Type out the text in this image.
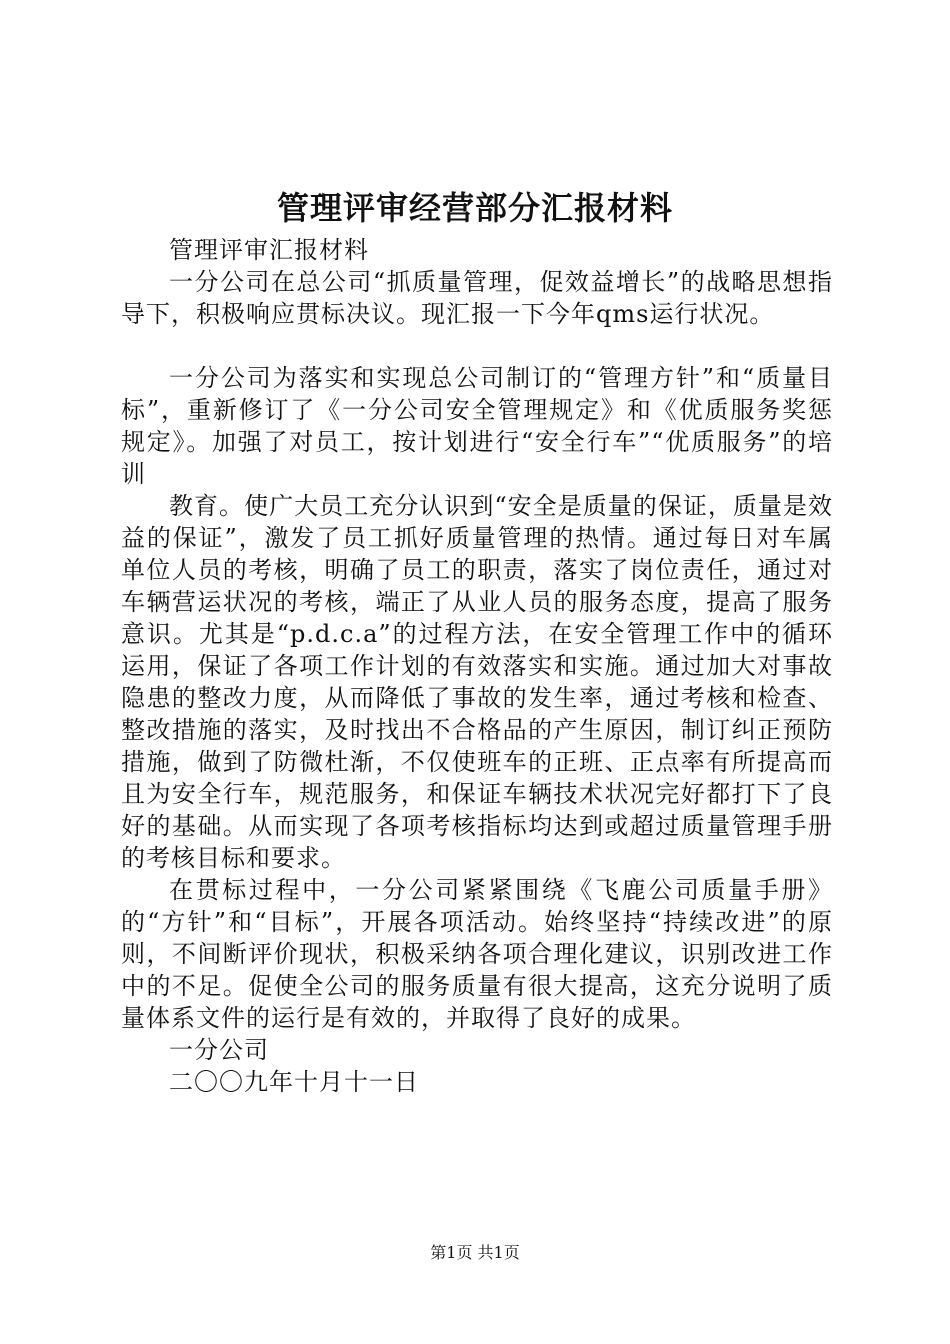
管理评审经营部分汇报材料

管理评审汇报材料

一分公司在总公司“抓质量管理，促效益增长”的战略思想指导下，积极响应贯标决议。现汇报一下今年qms运行状况。

一分公司为落实和实现总公司制订的“管理方针”和“质量目标”，重新修订了《一分公司安全管理规定》和《优质服务奖惩规定》。加强了对员工，按计划进行“安全行车”“优质服务”的培训

教育。使广大员工充分认识到“安全是质量的保证，质量是效益的保证”，激发了员工抓好质量管理的热情。通过每日对车属单位人员的考核，明确了员工的职责，落实了岗位责任，通过对车辆营运状况的考核，端正了从业人员的服务态度，提高了服务意识。尤其是“p.d.c.a”的过程方法，在安全管理工作中的循环运用，保证了各项工作计划的有效落实和实施。通过加大对事故隐患的整改力度，从而降低了事故的发生率，通过考核和检查、整改措施的落实，及时找出不合格品的产生原因，制订纠正预防措施，做到了防微杜渐，不仅使班车的正班、正点率有所提高而且为安全行车，规范服务，和保证车辆技术状况完好都打下了良好的基础。从而实现了各项考核指标均达到或超过质量管理手册的考核目标和要求。

在贯标过程中，一分公司紧紧围绕《飞鹿公司质量手册》的“方针”和“目标”，开展各项活动。始终坚持“持续改进”的原则，不间断评价现状，积极采纳各项合理化建议，识别改进工作中的不足。促使全公司的服务质量有很大提高，这充分说明了质量体系文件的运行是有效的，并取得了良好的成果。

一分公司

二〇〇九年十月十一日

第1页 共1页
